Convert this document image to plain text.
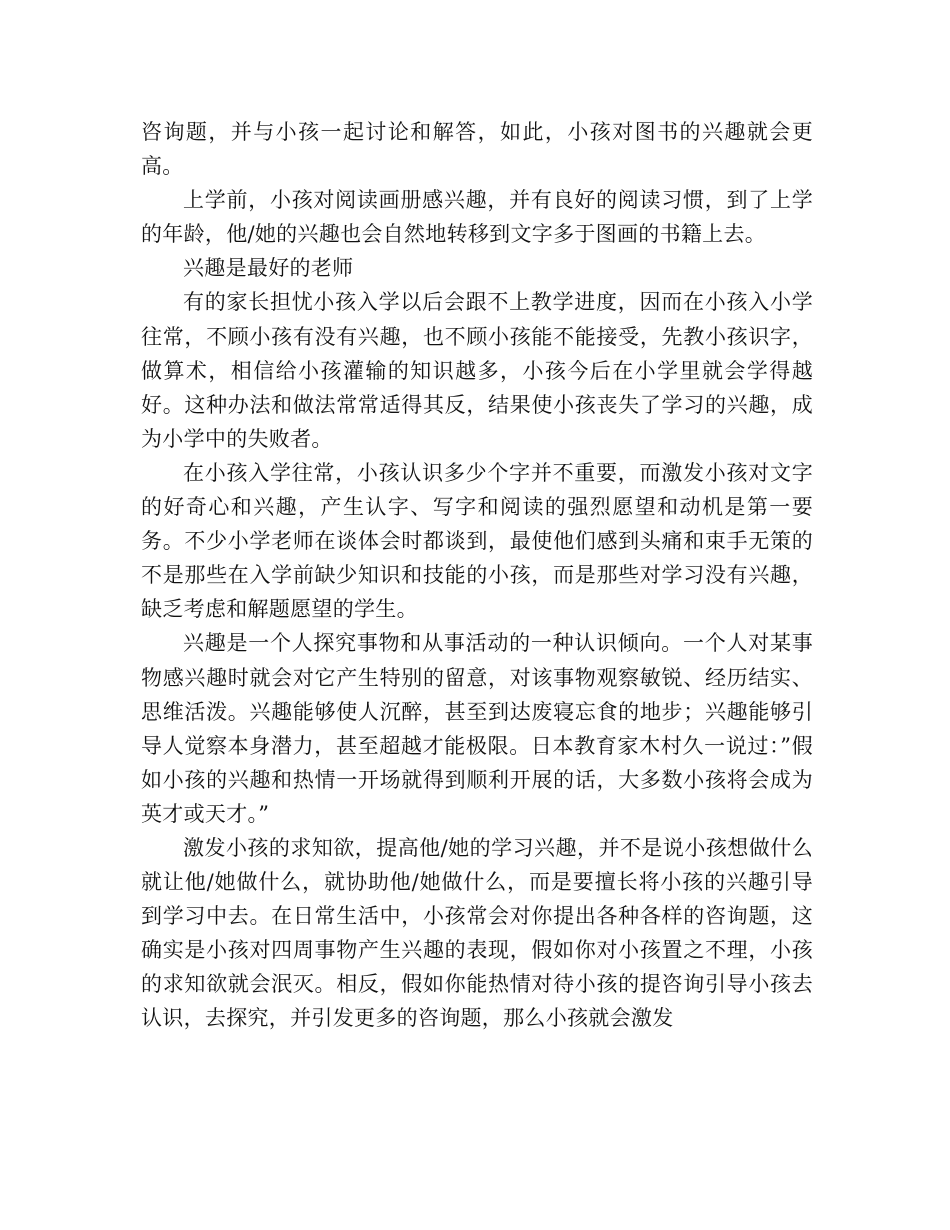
咨询题，并与小孩一起讨论和解答，如此，小孩对图书的兴趣就会更高。

上学前，小孩对阅读画册感兴趣，并有良好的阅读习惯，到了上学的年龄，他/她的兴趣也会自然地转移到文字多于图画的书籍上去。

兴趣是最好的老师

有的家长担忧小孩入学以后会跟不上教学进度，因而在小孩入小学往常，不顾小孩有没有兴趣，也不顾小孩能不能接受，先教小孩识字，做算术，相信给小孩灌输的知识越多，小孩今后在小学里就会学得越好。这种办法和做法常常适得其反，结果使小孩丧失了学习的兴趣，成为小学中的失败者。

在小孩入学往常，小孩认识多少个字并不重要，而激发小孩对文字的好奇心和兴趣，产生认字、写字和阅读的强烈愿望和动机是第一要务。不少小学老师在谈体会时都谈到，最使他们感到头痛和束手无策的不是那些在入学前缺少知识和技能的小孩，而是那些对学习没有兴趣，缺乏考虑和解题愿望的学生。

兴趣是一个人探究事物和从事活动的一种认识倾向。一个人对某事物感兴趣时就会对它产生特别的留意，对该事物观察敏锐、经历结实、思维活泼。兴趣能够使人沉醉，甚至到达废寝忘食的地步；兴趣能够引导人觉察本身潜力，甚至超越才能极限。日本教育家木村久一说过：”假如小孩的兴趣和热情一开场就得到顺利开展的话，大多数小孩将会成为英才或天才。”

激发小孩的求知欲，提高他/她的学习兴趣，并不是说小孩想做什么就让他/她做什么，就协助他/她做什么，而是要擅长将小孩的兴趣引导到学习中去。在日常生活中，小孩常会对你提出各种各样的咨询题，这确实是小孩对四周事物产生兴趣的表现，假如你对小孩置之不理，小孩的求知欲就会泯灭。相反，假如你能热情对待小孩的提咨询引导小孩去认识，去探究，并引发更多的咨询题，那么小孩就会激发
